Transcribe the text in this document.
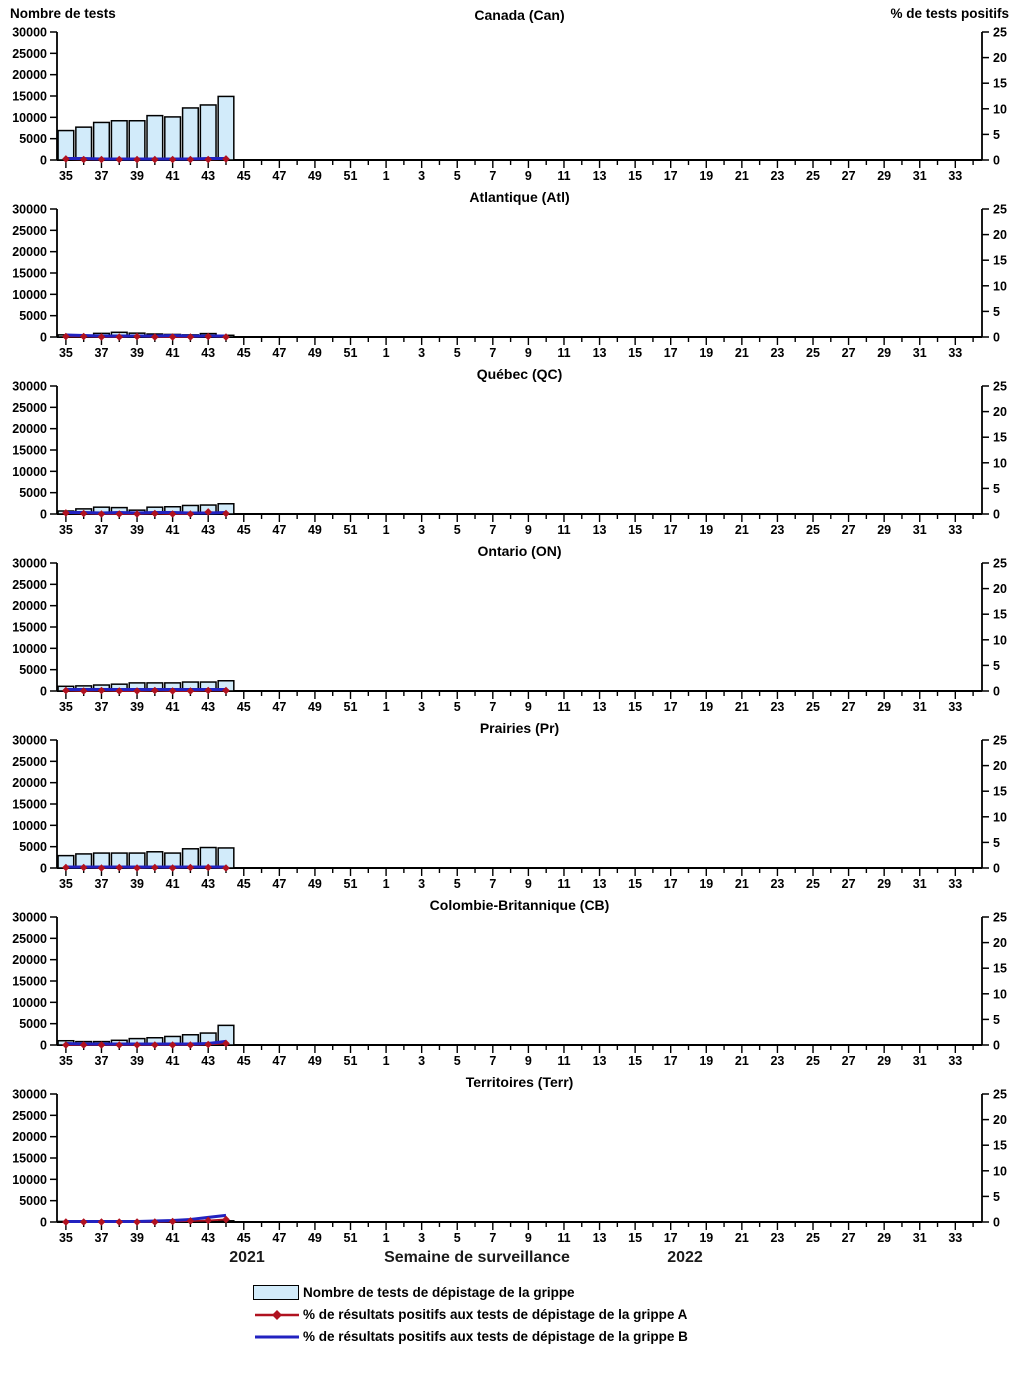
Nombre de tests	% de tests positifs
Canada (Can)
0
5000
10000
15000
20000
25000
30000
0
5
10
15
20
25
35 37 39 41 43 45 47 49 51 1 3 5 7 9 11 13 15 17 19 21 23 25 27 29 31 33
Atlantique (Atl)
0
5000
10000
15000
20000
25000
30000
0
5
10
15
20
25
35 37 39 41 43 45 47 49 51 1 3 5 7 9 11 13 15 17 19 21 23 25 27 29 31 33
Québec (QC)
0
5000
10000
15000
20000
25000
30000
0
5
10
15
20
25
35 37 39 41 43 45 47 49 51 1 3 5 7 9 11 13 15 17 19 21 23 25 27 29 31 33
Ontario (ON)
0
5000
10000
15000
20000
25000
30000
0
5
10
15
20
25
35 37 39 41 43 45 47 49 51 1 3 5 7 9 11 13 15 17 19 21 23 25 27 29 31 33
Prairies (Pr)
0
5000
10000
15000
20000
25000
30000
0
5
10
15
20
25
35 37 39 41 43 45 47 49 51 1 3 5 7 9 11 13 15 17 19 21 23 25 27 29 31 33
Colombie-Britannique (CB)
0
5000
10000
15000
20000
25000
30000
0
5
10
15
20
25
35 37 39 41 43 45 47 49 51 1 3 5 7 9 11 13 15 17 19 21 23 25 27 29 31 33
Territoires (Terr)
0
5000
10000
15000
20000
25000
30000
0
5
10
15
20
25
35 37 39 41 43 45 47 49 51 1 3 5 7 9 11 13 15 17 19 21 23 25 27 29 31 33
2021	Semaine de surveillance	2022
Nombre de tests de dépistage de la grippe
% de résultats positifs aux tests de dépistage de la grippe A
% de résultats positifs aux tests de dépistage de la grippe B
